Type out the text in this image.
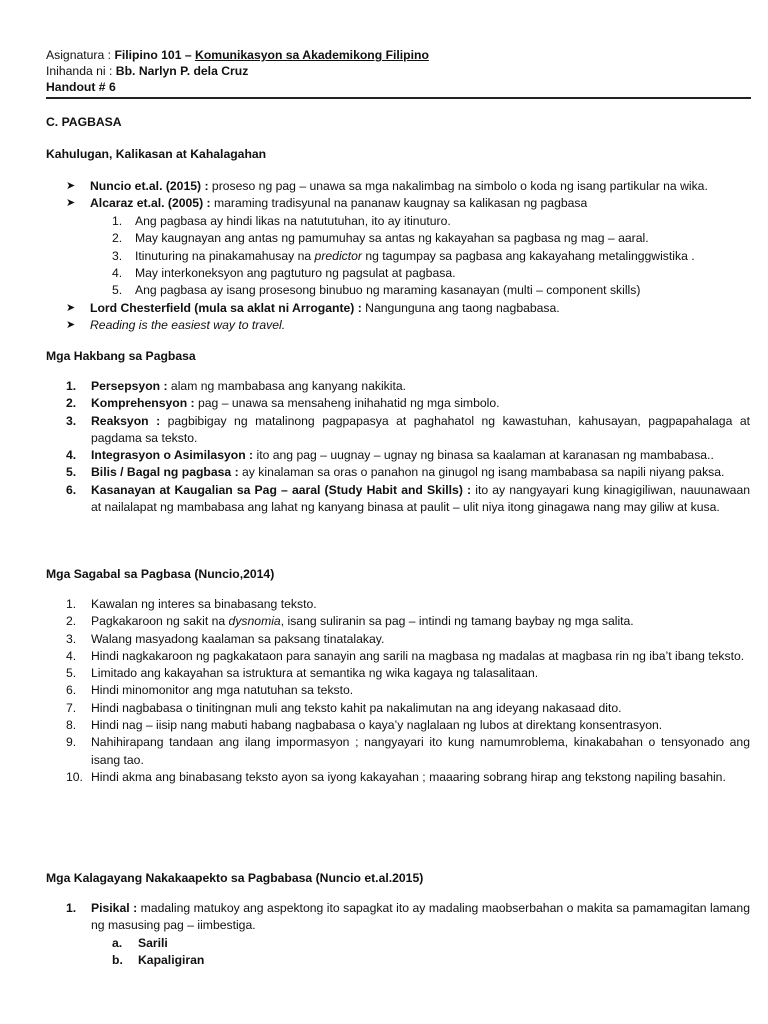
Asignatura : Filipino 101 – Komunikasyon sa Akademikong Filipino
Inihanda ni : Bb. Narlyn P. dela Cruz
Handout # 6
C. PAGBASA
Kahulugan, Kalikasan at Kahalagahan
➤ Nuncio et.al. (2015) : proseso ng pag – unawa sa mga nakalimbag na simbolo o koda ng isang partikular na wika.
➤ Alcaraz et.al. (2005) : maraming tradisyunal na pananaw kaugnay sa kalikasan ng pagbasa
1. Ang pagbasa ay hindi likas na natututuhan, ito ay itinuturo.
2. May kaugnayan ang antas ng pamumuhay sa antas ng kakayahan sa pagbasa ng mag – aaral.
3. Itinuturing na pinakamahusay na predictor ng tagumpay sa pagbasa ang kakayahang metalinggwistika .
4. May interkoneksyon ang pagtuturo ng pagsulat at pagbasa.
5. Ang pagbasa ay isang prosesong binubuo ng maraming kasanayan (multi – component skills)
➤ Lord Chesterfield (mula sa aklat ni Arrogante) : Nangunguna ang taong nagbabasa.
➤ Reading is the easiest way to travel.
Mga Hakbang sa Pagbasa
1. Persepsyon : alam ng mambabasa ang kanyang nakikita.
2. Komprehensyon : pag – unawa sa mensaheng inihahatid ng mga simbolo.
3. Reaksyon : pagbibigay ng matalinong pagpapasya at paghahatol ng kawastuhan, kahusayan, pagpapahalaga at pagdama sa teksto.
4. Integrasyon o Asimilasyon : ito ang pag – uugnay – ugnay ng binasa sa kaalaman at karanasan ng mambabasa..
5. Bilis / Bagal ng pagbasa : ay kinalaman sa oras o panahon na ginugol ng isang mambabasa sa napili niyang paksa.
6. Kasanayan at Kaugalian sa Pag – aaral (Study Habit and Skills) : ito ay nangyayari kung kinagigiliwan, nauunawaan at nailalapat ng mambabasa ang lahat ng kanyang binasa at paulit – ulit niya itong ginagawa nang may giliw at kusa.
Mga Sagabal sa Pagbasa (Nuncio,2014)
1. Kawalan ng interes sa binabasang teksto.
2. Pagkakaroon ng sakit na dysnomia, isang suliranin sa pag – intindi ng tamang baybay ng mga salita.
3. Walang masyadong kaalaman sa paksang tinatalakay.
4. Hindi nagkakaroon ng pagkakataon para sanayin ang sarili na magbasa ng madalas at magbasa rin ng iba’t ibang teksto.
5. Limitado ang kakayahan sa istruktura at semantika ng wika kagaya ng talasalitaan.
6. Hindi minomonitor ang mga natutuhan sa teksto.
7. Hindi nagbabasa o tinitingnan muli ang teksto kahit pa nakalimutan na ang ideyang nakasaad dito.
8. Hindi nag – iisip nang mabuti habang nagbabasa o kaya’y naglalaan ng lubos at direktang konsentrasyon.
9. Nahihirapang tandaan ang ilang impormasyon ; nangyayari ito kung namumroblema, kinakabahan o tensyonado ang isang tao.
10. Hindi akma ang binabasang teksto ayon sa iyong kakayahan ; maaaring sobrang hirap ang tekstong napiling basahin.
Mga Kalagayang Nakakaapekto sa Pagbabasa (Nuncio et.al.2015)
1. Pisikal : madaling matukoy ang aspektong ito sapagkat ito ay madaling maobserbahan o makita sa pamamagitan lamang ng masusing pag – iimbestiga.
a. Sarili
b. Kapaligiran
